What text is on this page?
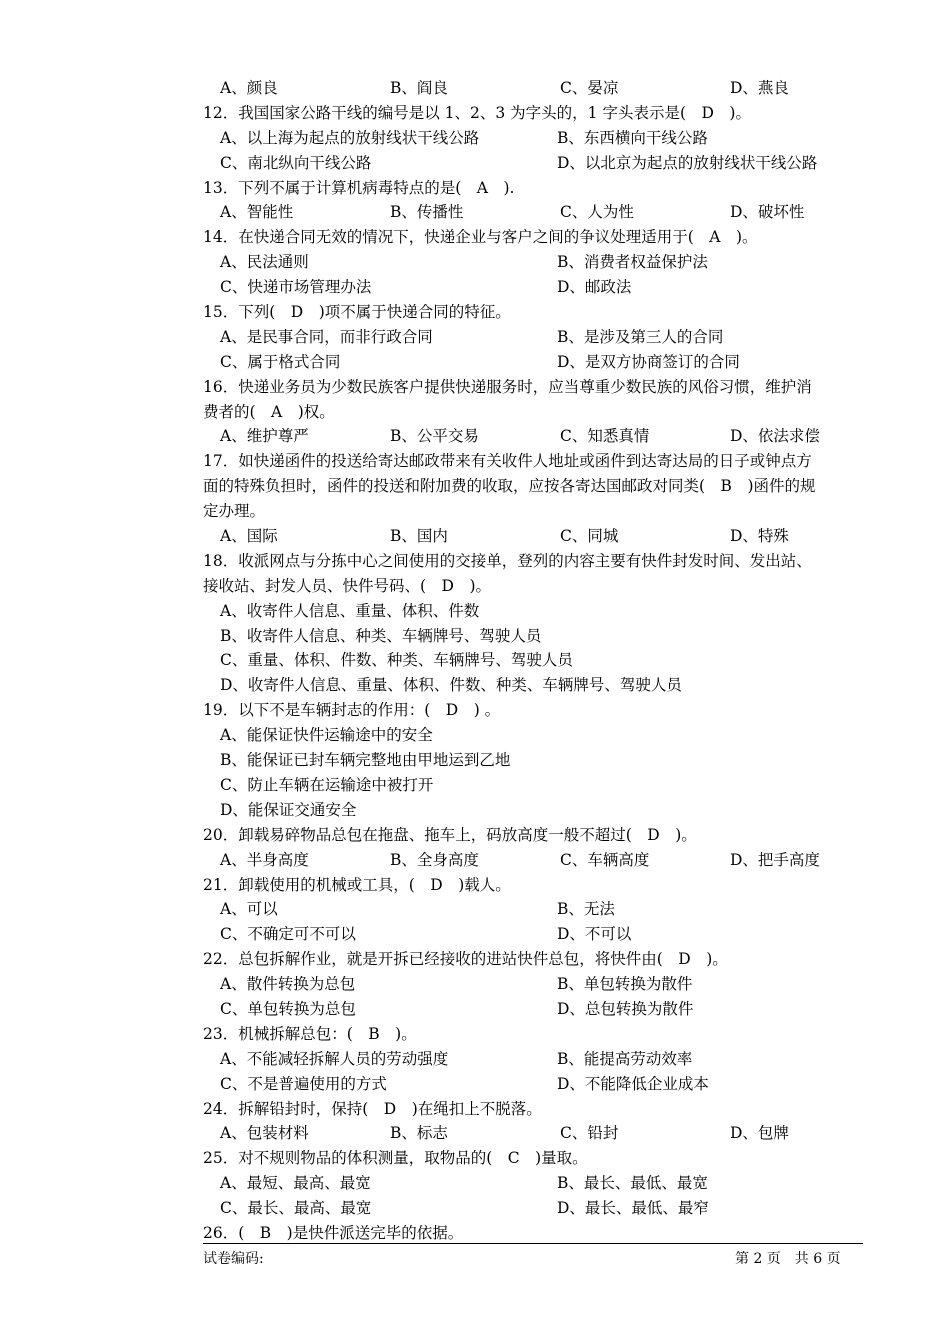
A、颜良	B、阎良	C、晏凉	D、燕良
12．我国国家公路干线的编号是以 1、2、3 为字头的，1 字头表示是(　D　)。
A、以上海为起点的放射线状干线公路	B、东西横向干线公路
C、南北纵向干线公路	D、以北京为起点的放射线状干线公路
13．下列不属于计算机病毒特点的是(　A　).
A、智能性	B、传播性	C、人为性	D、破坏性
14．在快递合同无效的情况下，快递企业与客户之间的争议处理适用于(　A　)。
A、民法通则	B、消费者权益保护法
C、快递市场管理办法	D、邮政法
15．下列(　D　)项不属于快递合同的特征。
A、是民事合同，而非行政合同	B、是涉及第三人的合同
C、属于格式合同	D、是双方协商签订的合同
16．快递业务员为少数民族客户提供快递服务时，应当尊重少数民族的风俗习惯，维护消
费者的(　A　)权。
A、维护尊严	B、公平交易	C、知悉真情	D、依法求偿
17．如快递函件的投送给寄达邮政带来有关收件人地址或函件到达寄达局的日子或钟点方
面的特殊负担时，函件的投送和附加费的收取，应按各寄达国邮政对同类(　B　)函件的规
定办理。
A、国际	B、国内	C、同城	D、特殊
18．收派网点与分拣中心之间使用的交接单，登列的内容主要有快件封发时间、发出站、
接收站、封发人员、快件号码、(　D　)。
A、收寄件人信息、重量、体积、件数
B、收寄件人信息、种类、车辆牌号、驾驶人员
C、重量、体积、件数、种类、车辆牌号、驾驶人员
D、收寄件人信息、重量、体积、件数、种类、车辆牌号、驾驶人员
19．以下不是车辆封志的作用：(　D　) 。
A、能保证快件运输途中的安全
B、能保证已封车辆完整地由甲地运到乙地
C、防止车辆在运输途中被打开
D、能保证交通安全
20．卸载易碎物品总包在拖盘、拖车上，码放高度一般不超过(　D　)。
A、半身高度	B、全身高度	C、车辆高度	D、把手高度
21．卸载使用的机械或工具，(　D　)载人。
A、可以	B、无法
C、不确定可不可以	D、不可以
22．总包拆解作业，就是开拆已经接收的进站快件总包，将快件由(　D　)。
A、散件转换为总包	B、单包转换为散件
C、单包转换为总包	D、总包转换为散件
23．机械拆解总包：(　B　)。
A、不能减轻拆解人员的劳动强度	B、能提高劳动效率
C、不是普遍使用的方式	D、不能降低企业成本
24．拆解铅封时，保持(　D　)在绳扣上不脱落。
A、包装材料	B、标志	C、铅封	D、包牌
25．对不规则物品的体积测量，取物品的(　C　)量取。
A、最短、最高、最宽	B、最长、最低、最宽
C、最长、最高、最宽	D、最长、最低、最窄
26．(　B　)是快件派送完毕的依据。
试卷编码:	第 2 页　共 6 页
